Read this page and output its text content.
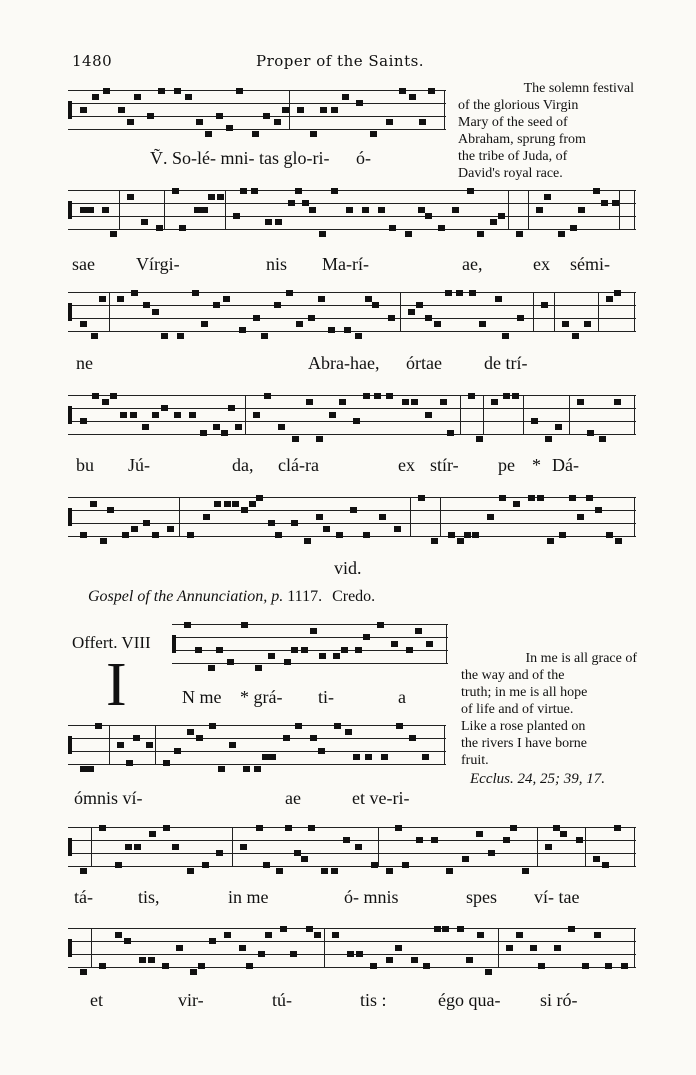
1480	Proper of the Saints.
The solemn festival
of the glorious Virgin
Mary of the seed of
Abraham, sprung from
the tribe of Juda, of
David's royal race.
Ṽ. So-lé- mni- tas glo-ri- ó-
sae Vírgi-	nis Ma-rí-	ae,	ex sémi-
ne	Abra-hae, órtae de trí-
bu Jú-	da, clá-ra	ex stír- pe * Dá-
vid.
Gospel of the Annunciation, p. 1117. Credo.
Offert. VIII
I	N me * grá- ti-	a
In me is all grace of
the way and of the
truth; in me is all hope
of life and of virtue.
Like a rose planted on
the rivers I have borne
fruit.
Ecclus. 24, 25; 39, 17.
ómnis ví-	ae	et ve-ri-
tá-	tis,	in me	ó- mnis	spes ví- tae
et	vir-	tú-	tis :	égo qua- si ró-
